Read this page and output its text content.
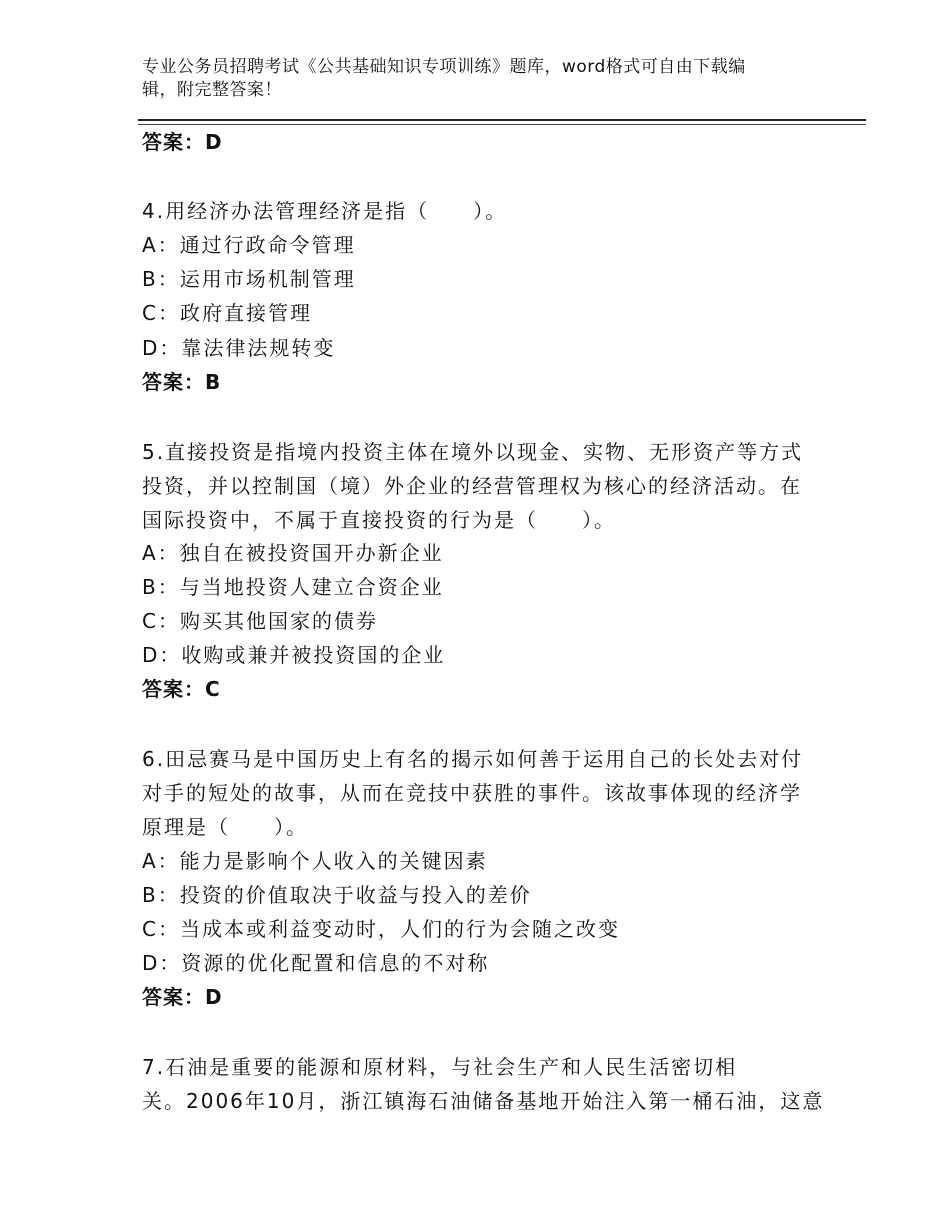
专业公务员招聘考试《公共基础知识专项训练》题库，word格式可自由下载编
辑，附完整答案！
答案：D
4.用经济办法管理经济是指（　　）。
A：通过行政命令管理
B：运用市场机制管理
C：政府直接管理
D：靠法律法规转变
答案：B
5.直接投资是指境内投资主体在境外以现金、实物、无形资产等方式
投资，并以控制国（境）外企业的经营管理权为核心的经济活动。在
国际投资中，不属于直接投资的行为是（　　）。
A：独自在被投资国开办新企业
B：与当地投资人建立合资企业
C：购买其他国家的债券
D：收购或兼并被投资国的企业
答案：C
6.田忌赛马是中国历史上有名的揭示如何善于运用自己的长处去对付
对手的短处的故事，从而在竞技中获胜的事件。该故事体现的经济学
原理是（　　）。
A：能力是影响个人收入的关键因素
B：投资的价值取决于收益与投入的差价
C：当成本或利益变动时，人们的行为会随之改变
D：资源的优化配置和信息的不对称
答案：D
7.石油是重要的能源和原材料，与社会生产和人民生活密切相
关。2006年10月，浙江镇海石油储备基地开始注入第一桶石油，这意
